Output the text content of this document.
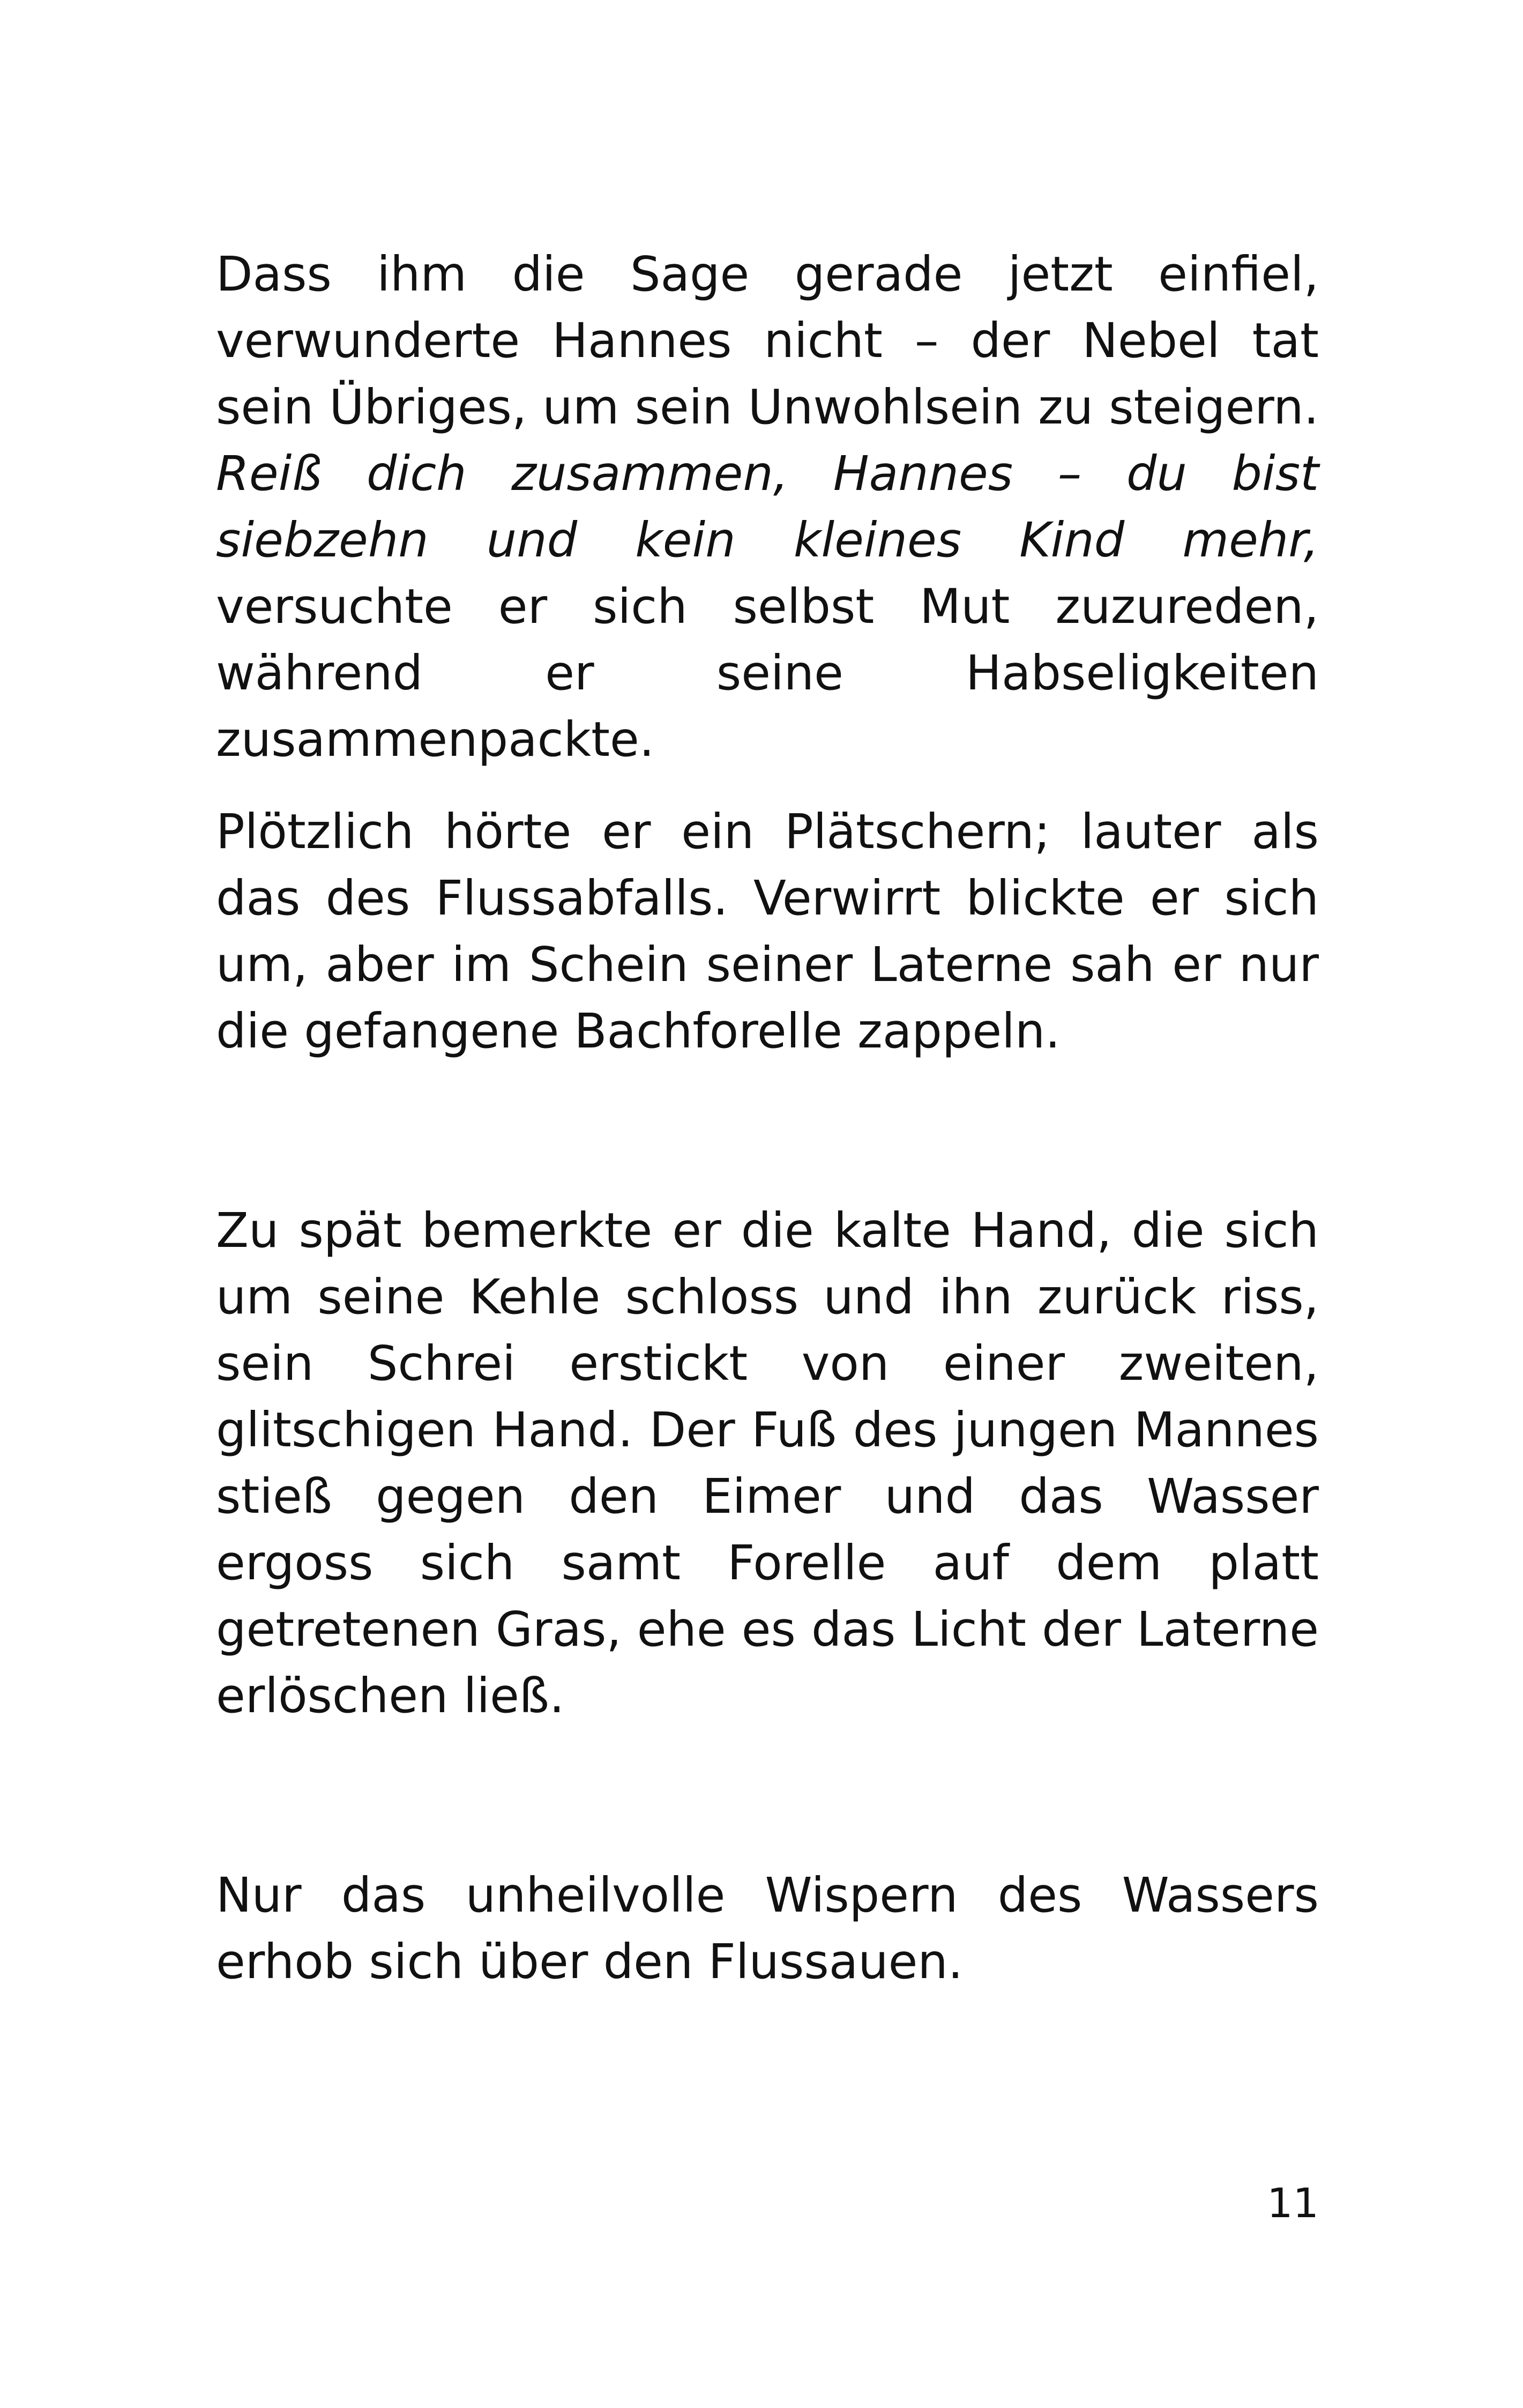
Dass ihm die Sage gerade jetzt einfiel, verwunderte Hannes nicht – der Nebel tat sein Übriges, um sein Unwohlsein zu steigern. Reiß dich zusammen, Hannes – du bist siebzehn und kein kleines Kind mehr, versuchte er sich selbst Mut zuzureden, während er seine Habseligkeiten zusammenpackte.

Plötzlich hörte er ein Plätschern; lauter als das des Flussabfalls. Verwirrt blickte er sich um, aber im Schein seiner Laterne sah er nur die gefangene Bachforelle zappeln.

Zu spät bemerkte er die kalte Hand, die sich um seine Kehle schloss und ihn zurück riss, sein Schrei erstickt von einer zweiten, glitschigen Hand. Der Fuß des jungen Mannes stieß gegen den Eimer und das Wasser ergoss sich samt Forelle auf dem platt getretenen Gras, ehe es das Licht der Laterne erlöschen ließ.

Nur das unheilvolle Wispern des Wassers erhob sich über den Flussauen.

11
